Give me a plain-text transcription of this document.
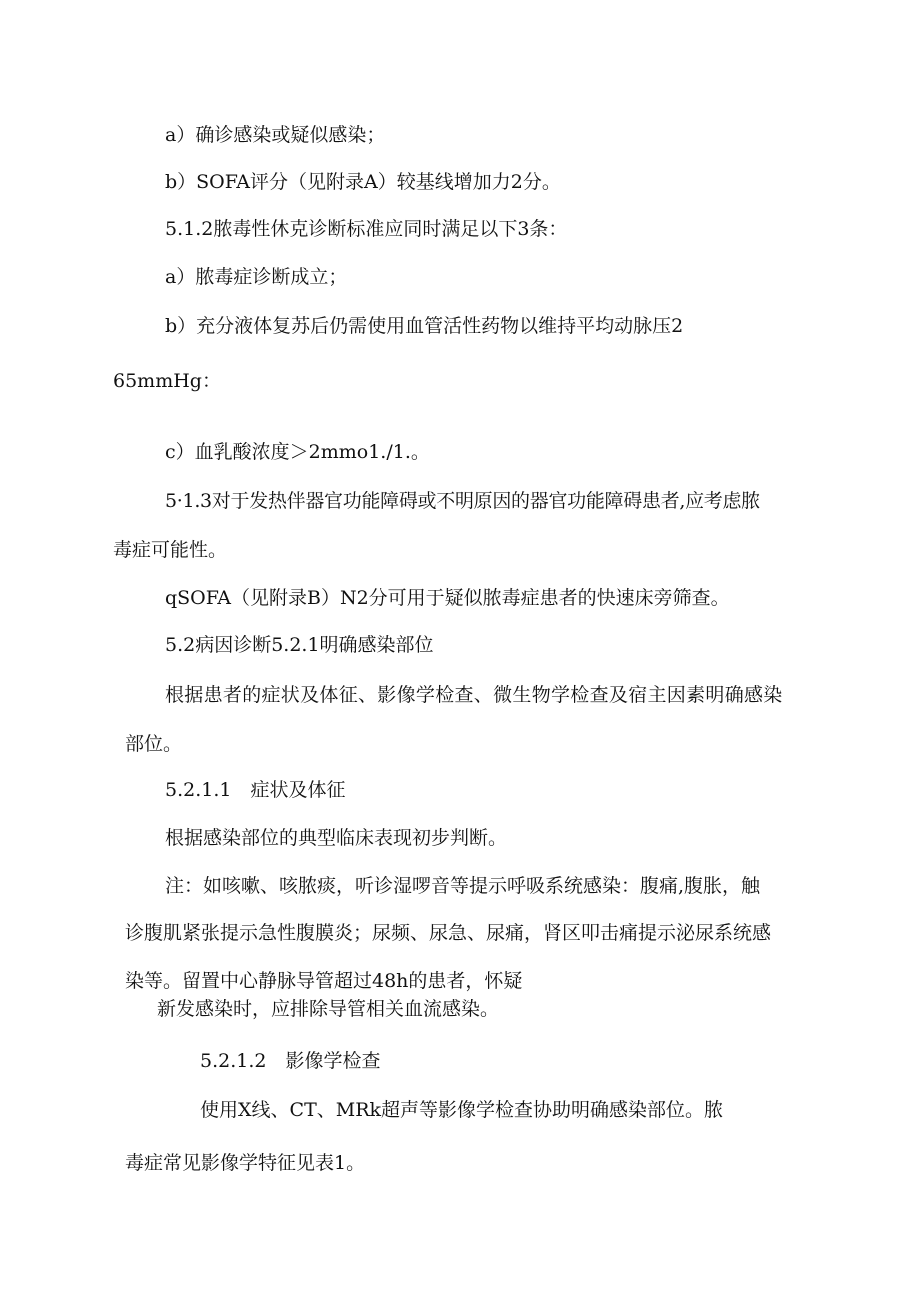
a）确诊感染或疑似感染；
b）SOFA评分（见附录A）较基线增加力2分。
5.1.2脓毒性休克诊断标准应同时满足以下3条：
a）脓毒症诊断成立；
b）充分液体复苏后仍需使用血管活性药物以维持平均动脉压2
65mmHg：
c）血乳酸浓度＞2mmo1./1.。
5·1.3对于发热伴器官功能障碍或不明原因的器官功能障碍患者,应考虑脓
毒症可能性。
qSOFA（见附录B）N2分可用于疑似脓毒症患者的快速床旁筛查。
5.2病因诊断5.2.1明确感染部位
根据患者的症状及体征、影像学检查、微生物学检查及宿主因素明确感染
部位。
5.2.1.1　症状及体征
根据感染部位的典型临床表现初步判断。
注：如咳嗽、咳脓痰，听诊湿啰音等提示呼吸系统感染：腹痛,腹胀，触
诊腹肌紧张提示急性腹膜炎；尿频、尿急、尿痛，肾区叩击痛提示泌尿系统感
染等。留置中心静脉导管超过48h的患者，怀疑
新发感染时，应排除导管相关血流感染。
5.2.1.2　影像学检查
使用X线、CT、MRk超声等影像学检查协助明确感染部位。脓
毒症常见影像学特征见表1。
